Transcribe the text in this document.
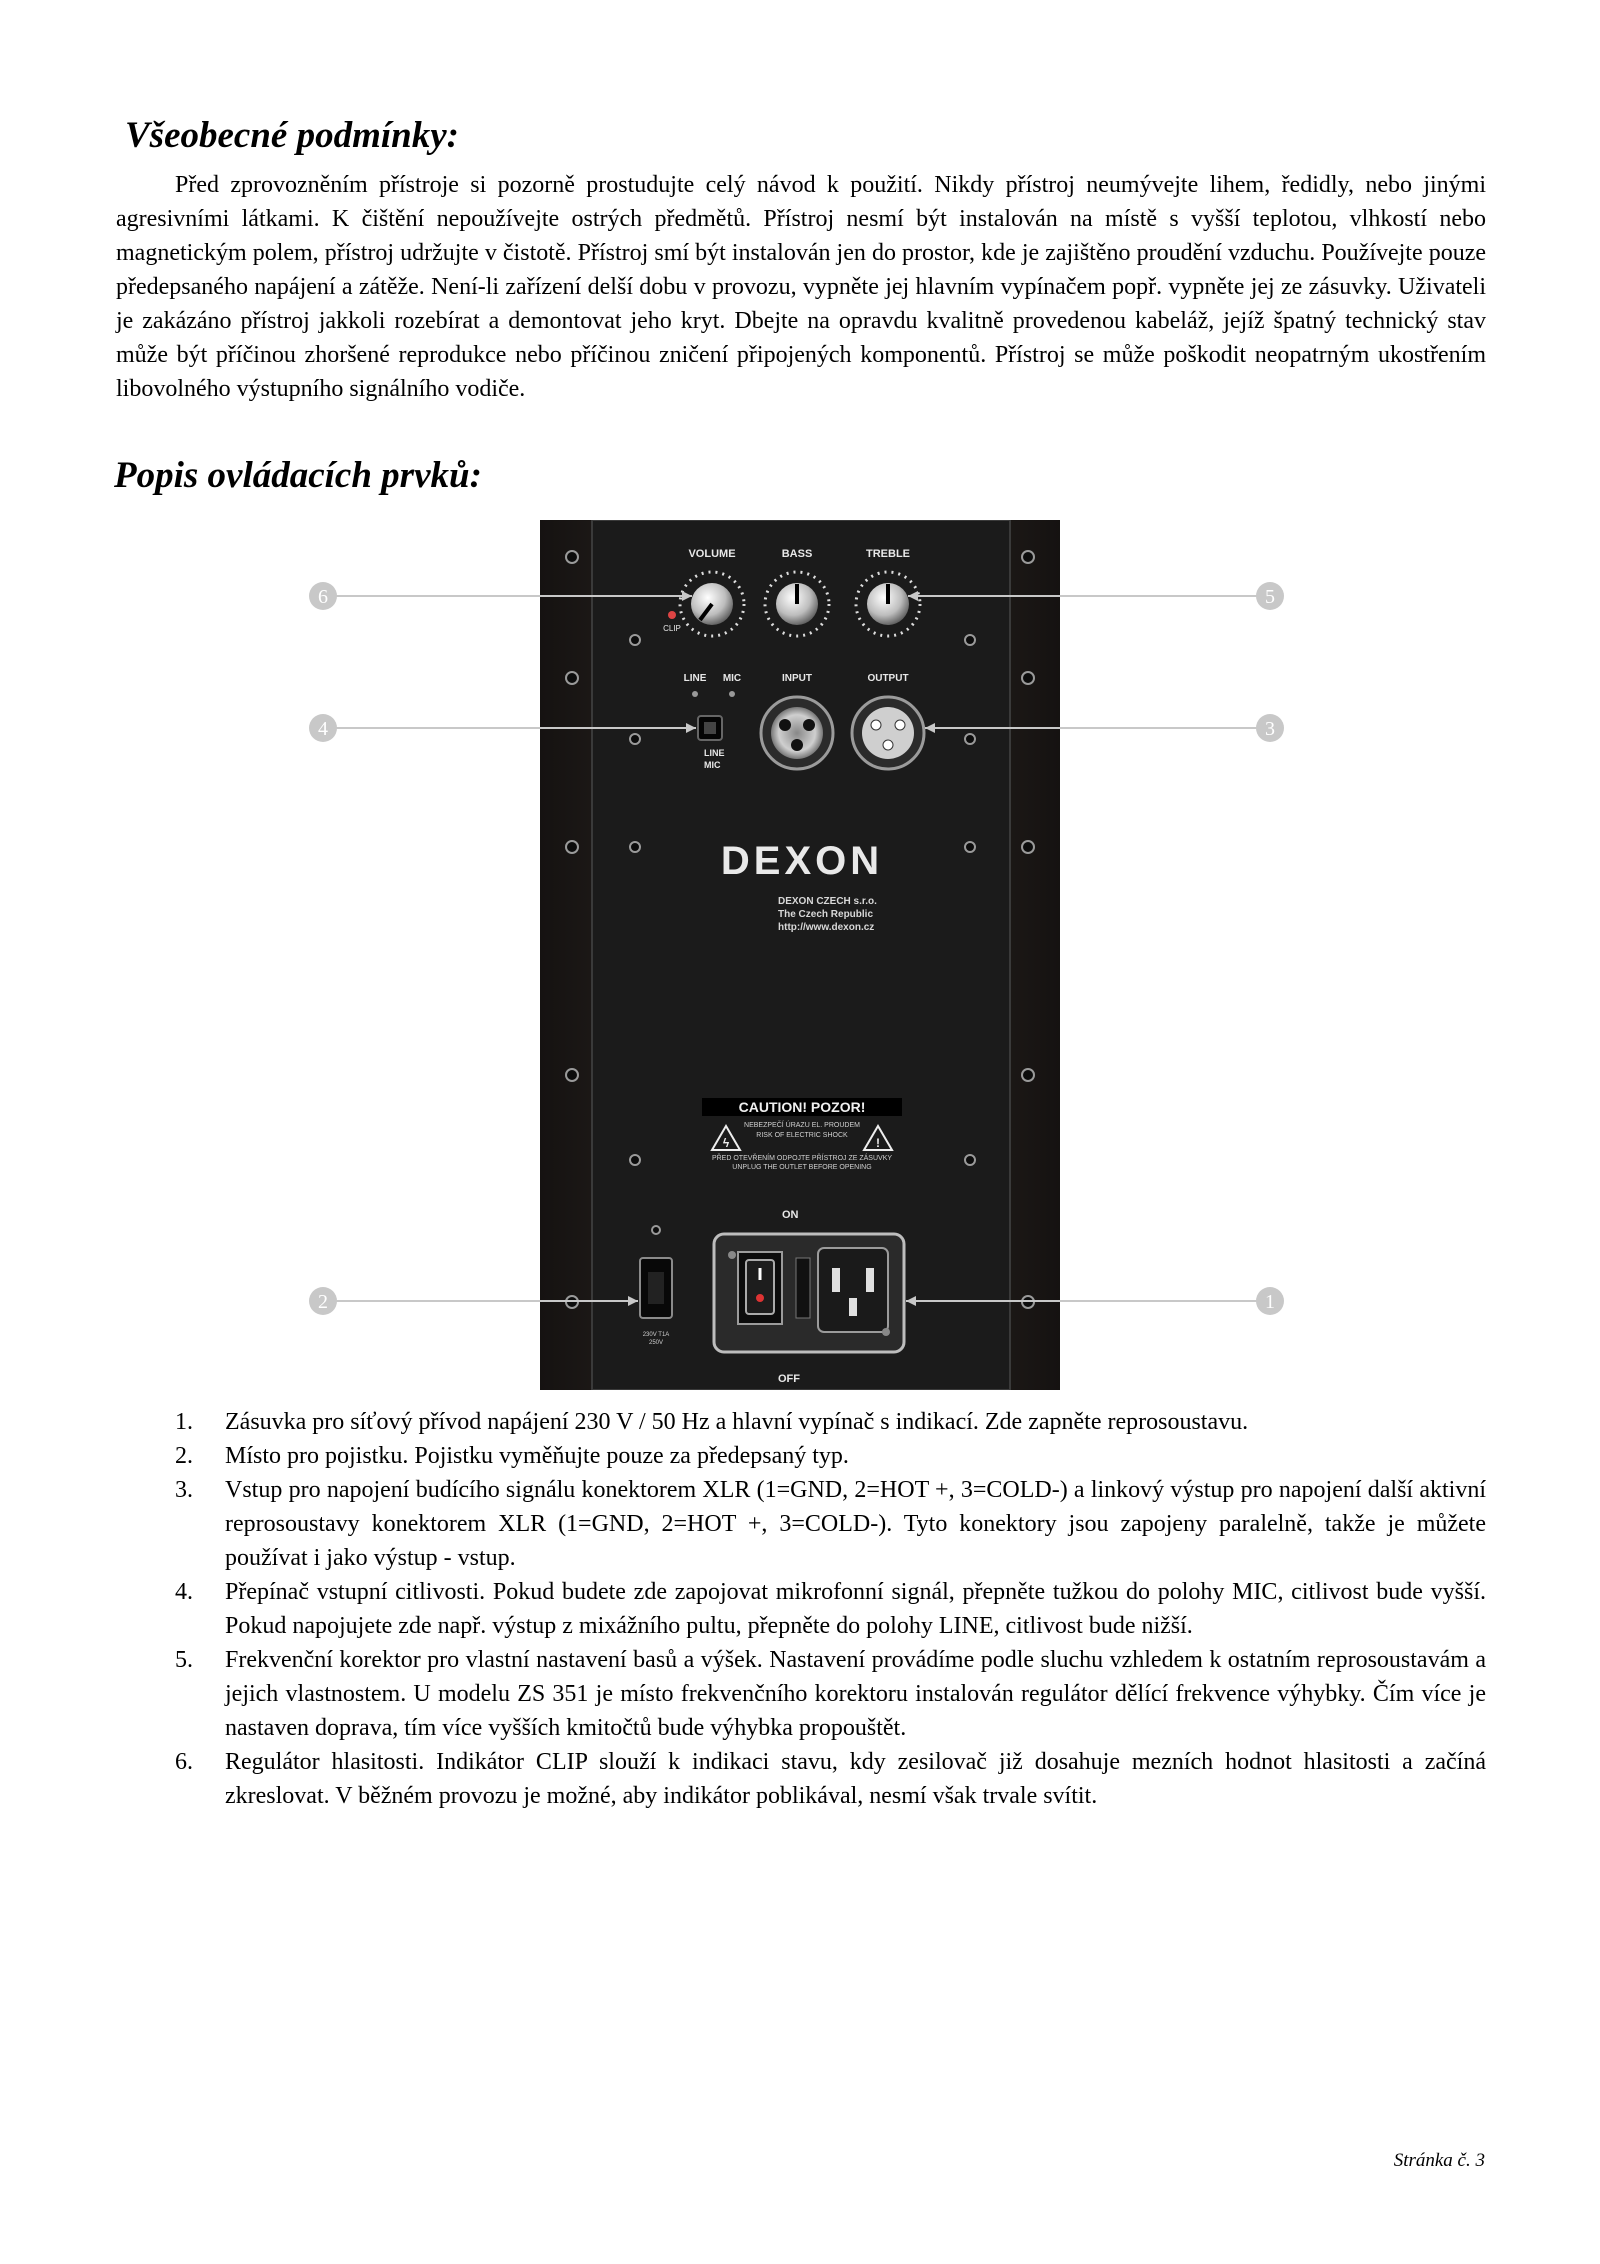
Všeobecné podmínky:

Před zprovozněním přístroje si pozorně prostudujte celý návod k použití. Nikdy přístroj neumývejte lihem, ředidly, nebo jinými agresivními látkami. K čištění nepoužívejte ostrých předmětů. Přístroj nesmí být instalován na místě s vyšší teplotou, vlhkostí nebo magnetickým polem, přístroj udržujte v čistotě. Přístroj smí být instalován jen do prostor, kde je zajištěno proudění vzduchu. Používejte pouze předepsaného napájení a zátěže. Není-li zařízení delší dobu v provozu, vypněte jej hlavním vypínačem popř. vypněte jej ze zásuvky. Uživateli je zakázáno přístroj jakkoli rozebírat a demontovat jeho kryt. Dbejte na opravdu kvalitně provedenou kabeláž, jejíž špatný technický stav může být příčinou zhoršené reprodukce nebo příčinou zničení připojených komponentů. Přístroj se může poškodit neopatrným ukostřením libovolného výstupního signálního vodiče.

Popis ovládacích prvků:
VOLUME	BASS	TREBLE
CLIP
LINE MIC	INPUT	OUTPUT
LINE
MIC
DEXON
DEXON CZECH s.r.o.
The Czech Republic
http://www.dexon.cz
CAUTION! POZOR!
ϟ	!
NEBEZPEČÍ ÚRAZU EL. PROUDEM
RISK OF ELECTRIC SHOCK
PŘED OTEVŘENÍM ODPOJTE PŘÍSTROJ ZE ZÁSUVKY
UNPLUG THE OUTLET BEFORE OPENING
ON
OFF
230V T1A
250V
6	5
4	3
2	1
1. Zásuvka pro síťový přívod napájení 230 V / 50 Hz a hlavní vypínač s indikací. Zde zapněte reprosoustavu.
2. Místo pro pojistku. Pojistku vyměňujte pouze za předepsaný typ.
3. Vstup pro napojení budícího signálu konektorem XLR (1=GND, 2=HOT +, 3=COLD-) a linkový výstup pro napojení další aktivní reprosoustavy konektorem XLR (1=GND, 2=HOT +, 3=COLD-). Tyto konektory jsou zapojeny paralelně, takže je můžete používat i jako výstup - vstup.
4. Přepínač vstupní citlivosti. Pokud budete zde zapojovat mikrofonní signál, přepněte tužkou do polohy MIC, citlivost bude vyšší. Pokud napojujete zde např. výstup z mixážního pultu, přepněte do polohy LINE, citlivost bude nižší.
5. Frekvenční korektor pro vlastní nastavení basů a výšek. Nastavení provádíme podle sluchu vzhledem k ostatním reprosoustavám a jejich vlastnostem. U modelu ZS 351 je místo frekvenčního korektoru instalován regulátor dělící frekvence výhybky. Čím více je nastaven doprava, tím více vyšších kmitočtů bude výhybka propouštět.
6. Regulátor hlasitosti. Indikátor CLIP slouží k indikaci stavu, kdy zesilovač již dosahuje mezních hodnot hlasitosti a začíná zkreslovat. V běžném provozu je možné, aby indikátor poblikával, nesmí však trvale svítit.

Stránka č. 3
